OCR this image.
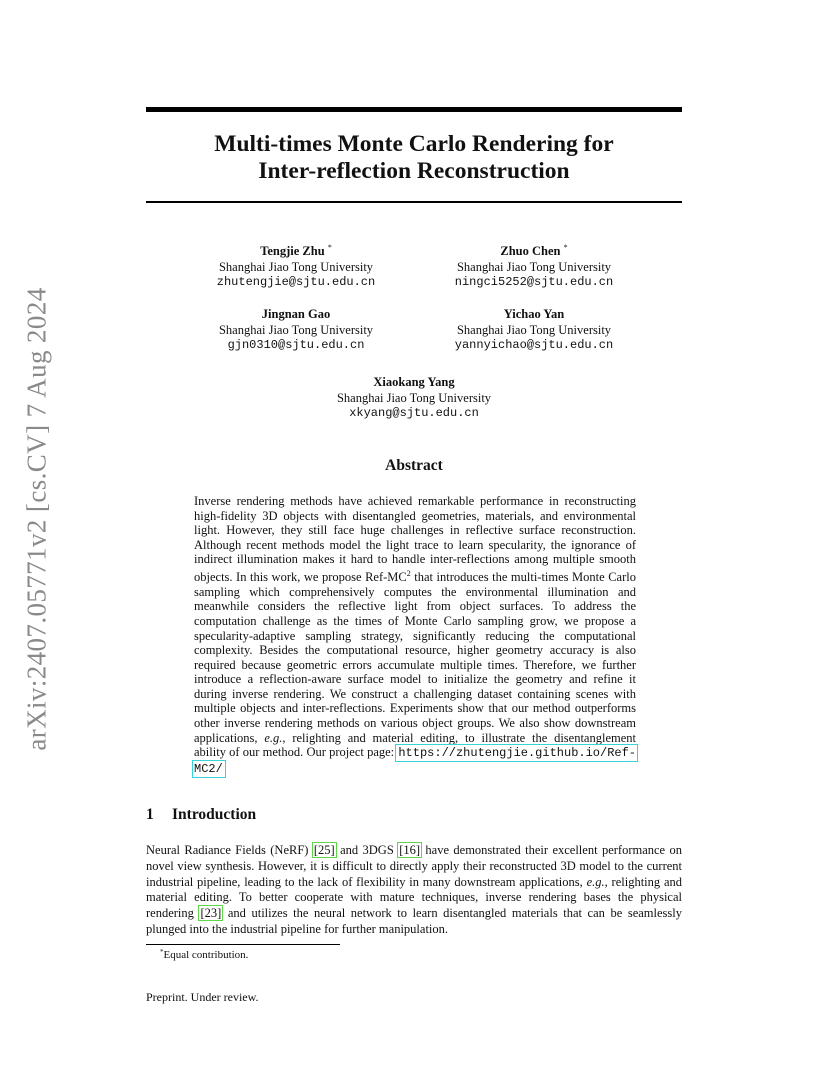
arXiv:2407.05771v2 [cs.CV] 7 Aug 2024
Multi-times Monte Carlo Rendering for
Inter-reflection Reconstruction
Tengjie Zhu *
Shanghai Jiao Tong University
zhutengjie@sjtu.edu.cn
Zhuo Chen *
Shanghai Jiao Tong University
ningci5252@sjtu.edu.cn
Jingnan Gao
Shanghai Jiao Tong University
gjn0310@sjtu.edu.cn
Yichao Yan
Shanghai Jiao Tong University
yannyichao@sjtu.edu.cn
Xiaokang Yang
Shanghai Jiao Tong University
xkyang@sjtu.edu.cn
Abstract
Inverse rendering methods have achieved remarkable performance in reconstructing high-fidelity 3D objects with disentangled geometries, materials, and environmental light. However, they still face huge challenges in reflective surface reconstruction. Although recent methods model the light trace to learn specularity, the ignorance of indirect illumination makes it hard to handle inter-reflections among multiple smooth objects. In this work, we propose Ref-$MC^2$ that introduces the multi-times Monte Carlo sampling which comprehensively computes the environmental illumination and meanwhile considers the reflective light from object surfaces. To address the computation challenge as the times of Monte Carlo sampling grow, we propose a specularity-adaptive sampling strategy, significantly reducing the computational complexity. Besides the computational resource, higher geometry accuracy is also required because geometric errors accumulate multiple times. Therefore, we further introduce a reflection-aware surface model to initialize the geometry and refine it during inverse rendering. We construct a challenging dataset containing scenes with multiple objects and inter-reflections. Experiments show that our method outperforms other inverse rendering methods on various object groups. We also show downstream applications, e.g., relighting and material editing, to illustrate the disentanglement ability of our method. Our project page: https://zhutengjie.github.io/Ref-MC2/
1 Introduction
Neural Radiance Fields (NeRF) [25] and 3DGS [16] have demonstrated their excellent performance on novel view synthesis. However, it is difficult to directly apply their reconstructed 3D model to the current industrial pipeline, leading to the lack of flexibility in many downstream applications, e.g., relighting and material editing. To better cooperate with mature techniques, inverse rendering bases the physical rendering [23] and utilizes the neural network to learn disentangled materials that can be seamlessly plunged into the industrial pipeline for further manipulation.
*Equal contribution.
Preprint. Under review.
